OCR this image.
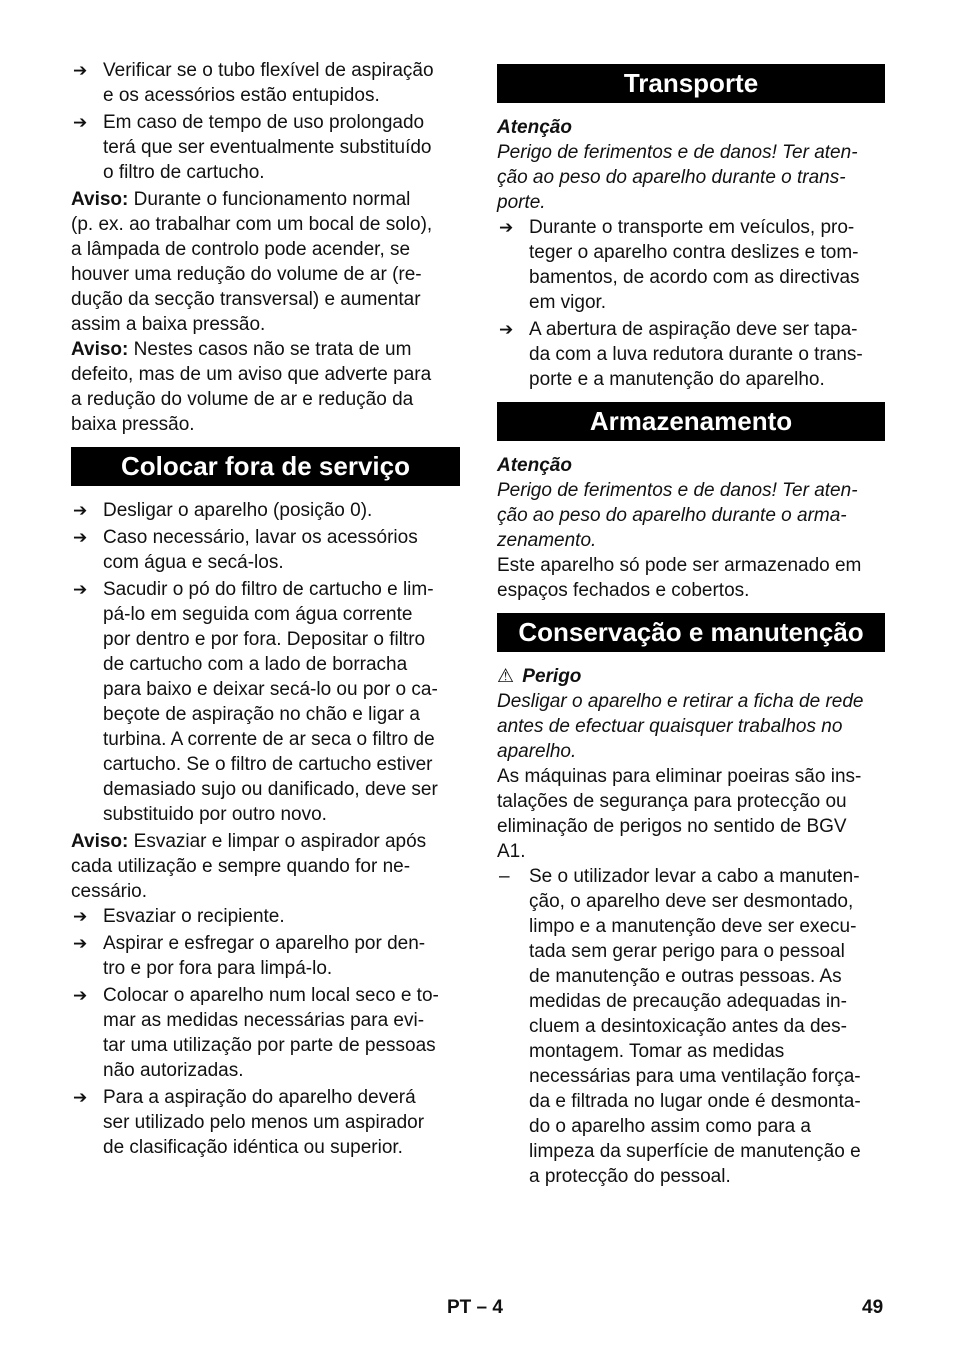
➔ Verificar se o tubo flexível de aspiração
e os acessórios estão entupidos.
➔ Em caso de tempo de uso prolongado
terá que ser eventualmente substituído
o filtro de cartucho.
Aviso: Durante o funcionamento normal
(p. ex. ao trabalhar com um bocal de solo),
a lâmpada de controlo pode acender, se
houver uma redução do volume de ar (re-
dução da secção transversal) e aumentar
assim a baixa pressão.
Aviso: Nestes casos não se trata de um
defeito, mas de um aviso que adverte para
a redução do volume de ar e redução da
baixa pressão.
Colocar fora de serviço
➔ Desligar o aparelho (posição 0).
➔ Caso necessário, lavar os acessórios
com água e secá-los.
➔ Sacudir o pó do filtro de cartucho e lim-
pá-lo em seguida com água corrente
por dentro e por fora. Depositar o filtro
de cartucho com a lado de borracha
para baixo e deixar secá-lo ou por o ca-
beçote de aspiração no chão e ligar a
turbina. A corrente de ar seca o filtro de
cartucho. Se o filtro de cartucho estiver
demasiado sujo ou danificado, deve ser
substituido por outro novo.
Aviso: Esvaziar e limpar o aspirador após
cada utilização e sempre quando for ne-
cessário.
➔ Esvaziar o recipiente.
➔ Aspirar e esfregar o aparelho por den-
tro e por fora para limpá-lo.
➔ Colocar o aparelho num local seco e to-
mar as medidas necessárias para evi-
tar uma utilização por parte de pessoas
não autorizadas.
➔ Para a aspiração do aparelho deverá
ser utilizado pelo menos um aspirador
de clasificação idéntica ou superior.
Transporte
Atenção
Perigo de ferimentos e de danos! Ter aten-
ção ao peso do aparelho durante o trans-
porte.
➔ Durante o transporte em veículos, pro-
teger o aparelho contra deslizes e tom-
bamentos, de acordo com as directivas
em vigor.
➔ A abertura de aspiração deve ser tapa-
da com a luva redutora durante o trans-
porte e a manutenção do aparelho.
Armazenamento
Atenção
Perigo de ferimentos e de danos! Ter aten-
ção ao peso do aparelho durante o arma-
zenamento.
Este aparelho só pode ser armazenado em
espaços fechados e cobertos.
Conservação e manutenção
⚠ Perigo
Desligar o aparelho e retirar a ficha de rede
antes de efectuar quaisquer trabalhos no
aparelho.
As máquinas para eliminar poeiras são ins-
talações de segurança para protecção ou
eliminação de perigos no sentido de BGV
A1.
– Se o utilizador levar a cabo a manuten-
ção, o aparelho deve ser desmontado,
limpo e a manutenção deve ser execu-
tada sem gerar perigo para o pessoal
de manutenção e outras pessoas. As
medidas de precaução adequadas in-
cluem a desintoxicação antes da des-
montagem. Tomar as medidas
necessárias para uma ventilação força-
da e filtrada no lugar onde é desmonta-
do o aparelho assim como para a
limpeza da superfície de manutenção e
a protecção do pessoal.
PT – 4	49
